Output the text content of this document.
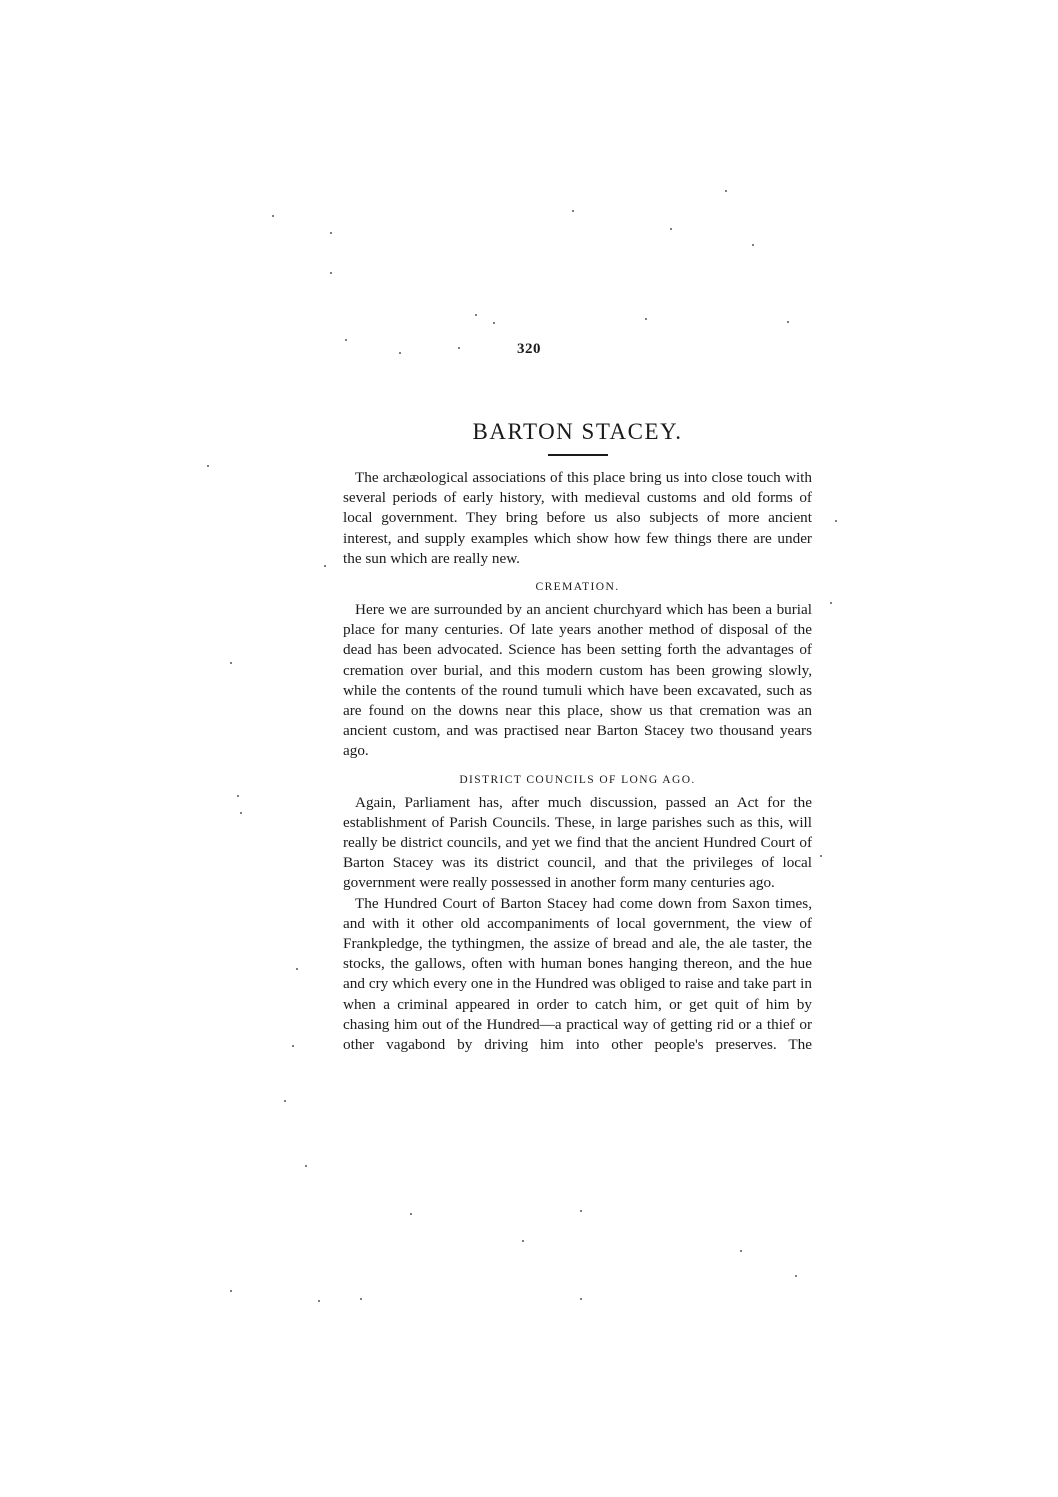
320
BARTON STACEY.

The archæological associations of this place bring us into close touch with several periods of early history, with medieval customs and old forms of local government. They bring before us also subjects of more ancient interest, and supply examples which show how few things there are under the sun which are really new.

CREMATION.

Here we are surrounded by an ancient churchyard which has been a burial place for many centuries. Of late years another method of disposal of the dead has been advocated. Science has been setting forth the advantages of cremation over burial, and this modern custom has been growing slowly, while the contents of the round tumuli which have been excavated, such as are found on the downs near this place, show us that cremation was an ancient custom, and was practised near Barton Stacey two thousand years ago.

DISTRICT COUNCILS OF LONG AGO.

Again, Parliament has, after much discussion, passed an Act for the establishment of Parish Councils. These, in large parishes such as this, will really be district councils, and yet we find that the ancient Hundred Court of Barton Stacey was its district council, and that the privileges of local government were really possessed in another form many centuries ago.

The Hundred Court of Barton Stacey had come down from Saxon times, and with it other old accompaniments of local government, the view of Frankpledge, the tythingmen, the assize of bread and ale, the ale taster, the stocks, the gallows, often with human bones hanging thereon, and the hue and cry which every one in the Hundred was obliged to raise and take part in when a criminal appeared in order to catch him, or get quit of him by chasing him out of the Hundred—a practical way of getting rid or a thief or other vagabond by driving him into other people's preserves. The
